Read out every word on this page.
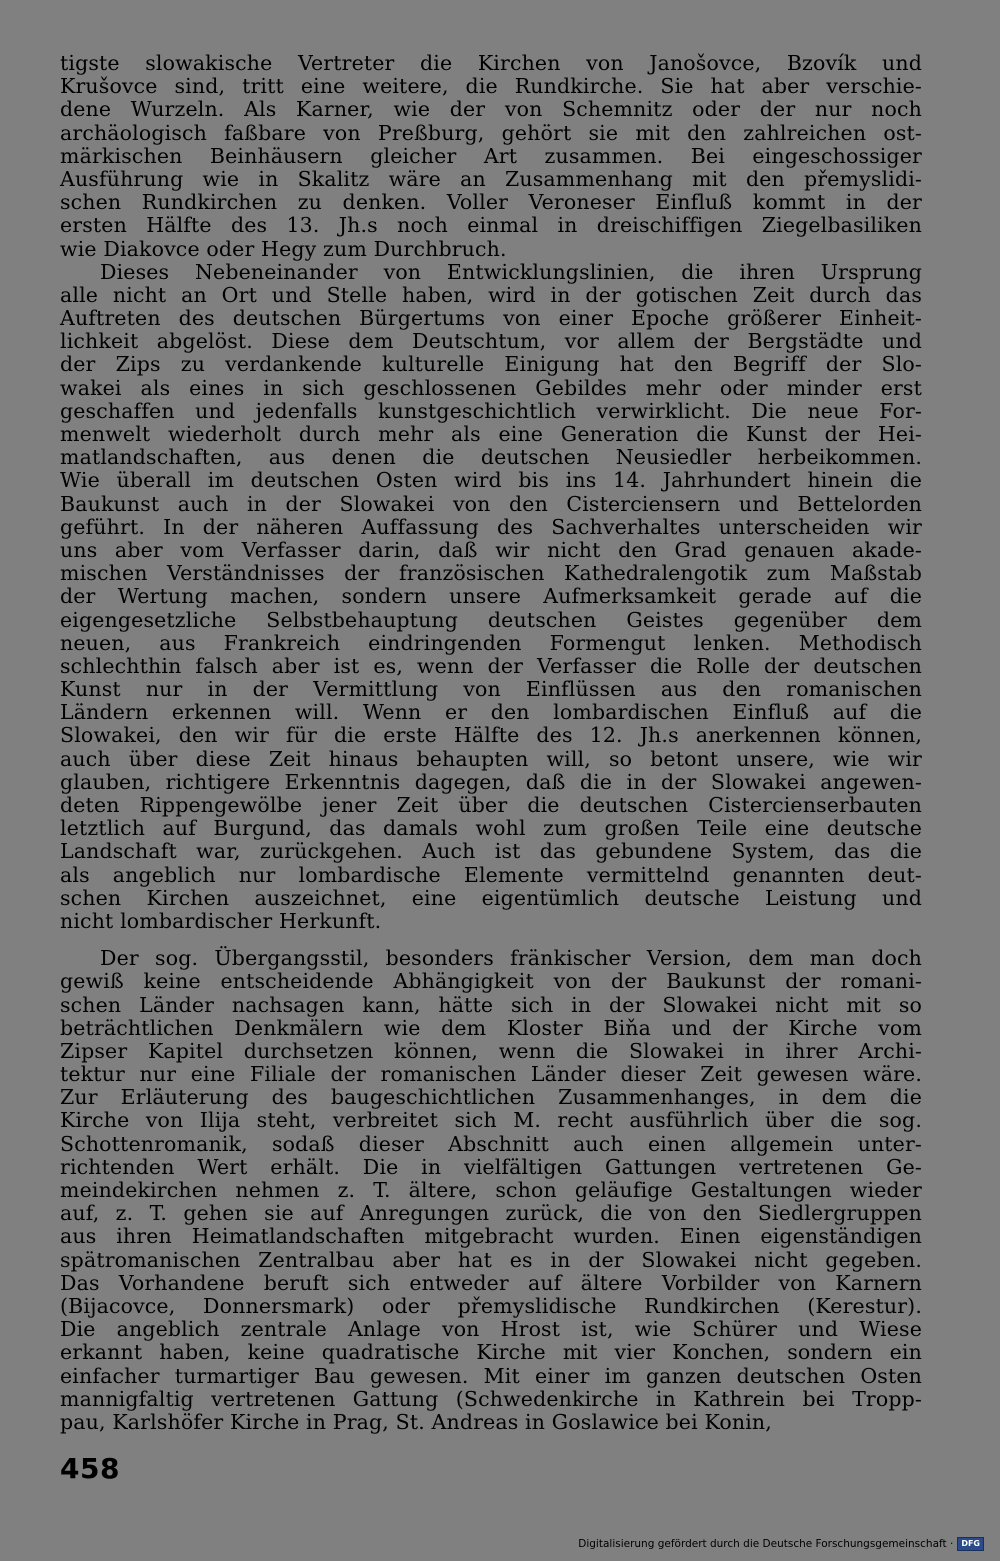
tigste slowakische Vertreter die Kirchen von Janošovce, Bzovík und
Krušovce sind, tritt eine weitere, die Rundkirche. Sie hat aber verschie-
dene Wurzeln. Als Karner, wie der von Schemnitz oder der nur noch
archäologisch faßbare von Preßburg, gehört sie mit den zahlreichen ost-
märkischen Beinhäusern gleicher Art zusammen. Bei eingeschossiger
Ausführung wie in Skalitz wäre an Zusammenhang mit den přemyslidi-
schen Rundkirchen zu denken. Voller Veroneser Einfluß kommt in der
ersten Hälfte des 13. Jh.s noch einmal in dreischiffigen Ziegelbasiliken
wie Diakovce oder Hegy zum Durchbruch.
Dieses Nebeneinander von Entwicklungslinien, die ihren Ursprung
alle nicht an Ort und Stelle haben, wird in der gotischen Zeit durch das
Auftreten des deutschen Bürgertums von einer Epoche größerer Einheit-
lichkeit abgelöst. Diese dem Deutschtum, vor allem der Bergstädte und
der Zips zu verdankende kulturelle Einigung hat den Begriff der Slo-
wakei als eines in sich geschlossenen Gebildes mehr oder minder erst
geschaffen und jedenfalls kunstgeschichtlich verwirklicht. Die neue For-
menwelt wiederholt durch mehr als eine Generation die Kunst der Hei-
matlandschaften, aus denen die deutschen Neusiedler herbeikommen.
Wie überall im deutschen Osten wird bis ins 14. Jahrhundert hinein die
Baukunst auch in der Slowakei von den Cisterciensern und Bettelorden
geführt. In der näheren Auffassung des Sachverhaltes unterscheiden wir
uns aber vom Verfasser darin, daß wir nicht den Grad genauen akade-
mischen Verständnisses der französischen Kathedralengotik zum Maßstab
der Wertung machen, sondern unsere Aufmerksamkeit gerade auf die
eigengesetzliche Selbstbehauptung deutschen Geistes gegenüber dem
neuen, aus Frankreich eindringenden Formengut lenken. Methodisch
schlechthin falsch aber ist es, wenn der Verfasser die Rolle der deutschen
Kunst nur in der Vermittlung von Einflüssen aus den romanischen
Ländern erkennen will. Wenn er den lombardischen Einfluß auf die
Slowakei, den wir für die erste Hälfte des 12. Jh.s anerkennen können,
auch über diese Zeit hinaus behaupten will, so betont unsere, wie wir
glauben, richtigere Erkenntnis dagegen, daß die in der Slowakei angewen-
deten Rippengewölbe jener Zeit über die deutschen Cistercienserbauten
letztlich auf Burgund, das damals wohl zum großen Teile eine deutsche
Landschaft war, zurückgehen. Auch ist das gebundene System, das die
als angeblich nur lombardische Elemente vermittelnd genannten deut-
schen Kirchen auszeichnet, eine eigentümlich deutsche Leistung und
nicht lombardischer Herkunft.
Der sog. Übergangsstil, besonders fränkischer Version, dem man doch
gewiß keine entscheidende Abhängigkeit von der Baukunst der romani-
schen Länder nachsagen kann, hätte sich in der Slowakei nicht mit so
beträchtlichen Denkmälern wie dem Kloster Biňa und der Kirche vom
Zipser Kapitel durchsetzen können, wenn die Slowakei in ihrer Archi-
tektur nur eine Filiale der romanischen Länder dieser Zeit gewesen wäre.
Zur Erläuterung des baugeschichtlichen Zusammenhanges, in dem die
Kirche von Ilija steht, verbreitet sich M. recht ausführlich über die sog.
Schottenromanik, sodaß dieser Abschnitt auch einen allgemein unter-
richtenden Wert erhält. Die in vielfältigen Gattungen vertretenen Ge-
meindekirchen nehmen z. T. ältere, schon geläufige Gestaltungen wieder
auf, z. T. gehen sie auf Anregungen zurück, die von den Siedlergruppen
aus ihren Heimatlandschaften mitgebracht wurden. Einen eigenständigen
spätromanischen Zentralbau aber hat es in der Slowakei nicht gegeben.
Das Vorhandene beruft sich entweder auf ältere Vorbilder von Karnern
(Bijacovce, Donnersmark) oder přemyslidische Rundkirchen (Kerestur).
Die angeblich zentrale Anlage von Hrost ist, wie Schürer und Wiese
erkannt haben, keine quadratische Kirche mit vier Konchen, sondern ein
einfacher turmartiger Bau gewesen. Mit einer im ganzen deutschen Osten
mannigfaltig vertretenen Gattung (Schwedenkirche in Kathrein bei Tropp-
pau, Karlshöfer Kirche in Prag, St. Andreas in Goslawice bei Konin,
458
Digitalisierung gefördert durch die Deutsche Forschungsgemeinschaft ·	DFG
